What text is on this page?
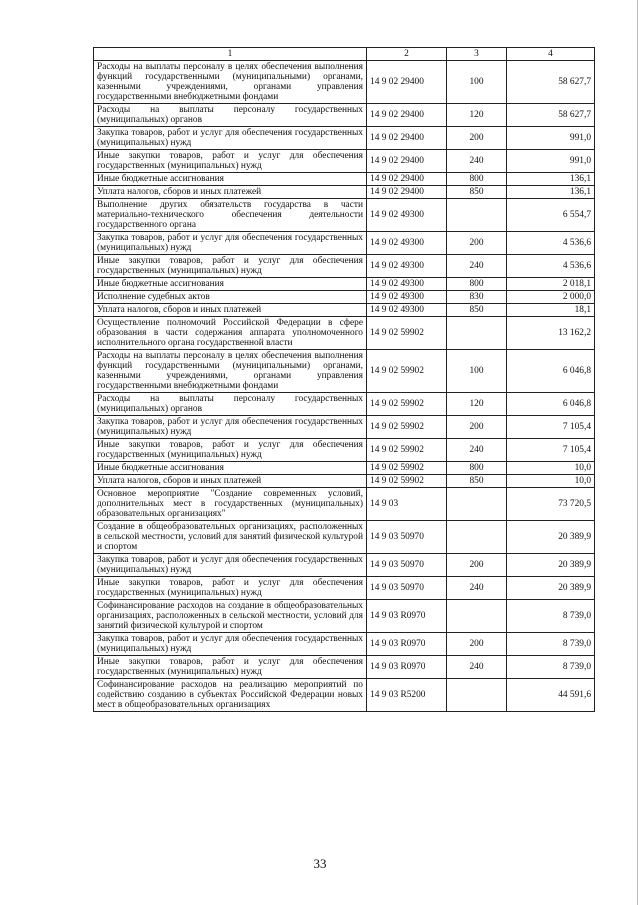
1	2	3	4
Расходы на выплаты персоналу в целях обеспечения выполнения функций государственными (муниципальными) органами, казенными учреждениями, органами управления государственными внебюджетными фондами	14 9 02 29400	100	58 627,7
Расходы на выплаты персоналу государственных (муниципальных) органов	14 9 02 29400	120	58 627,7
Закупка товаров, работ и услуг для обеспечения государственных (муниципальных) нужд	14 9 02 29400	200	991,0
Иные закупки товаров, работ и услуг для обеспечения государственных (муниципальных) нужд	14 9 02 29400	240	991,0
Иные бюджетные ассигнования	14 9 02 29400	800	136,1
Уплата налогов, сборов и иных платежей	14 9 02 29400	850	136,1
Выполнение других обязательств государства в части материально-технического обеспечения деятельности государственного органа	14 9 02 49300		6 554,7
Закупка товаров, работ и услуг для обеспечения государственных (муниципальных) нужд	14 9 02 49300	200	4 536,6
Иные закупки товаров, работ и услуг для обеспечения государственных (муниципальных) нужд	14 9 02 49300	240	4 536,6
Иные бюджетные ассигнования	14 9 02 49300	800	2 018,1
Исполнение судебных актов	14 9 02 49300	830	2 000,0
Уплата налогов, сборов и иных платежей	14 9 02 49300	850	18,1
Осуществление полномочий Российской Федерации в сфере образования в части содержания аппарата уполномоченного исполнительного органа государственной власти	14 9 02 59902		13 162,2
Расходы на выплаты персоналу в целях обеспечения выполнения функций государственными (муниципальными) органами, казенными учреждениями, органами управления государственными внебюджетными фондами	14 9 02 59902	100	6 046,8
Расходы на выплаты персоналу государственных (муниципальных) органов	14 9 02 59902	120	6 046,8
Закупка товаров, работ и услуг для обеспечения государственных (муниципальных) нужд	14 9 02 59902	200	7 105,4
Иные закупки товаров, работ и услуг для обеспечения государственных (муниципальных) нужд	14 9 02 59902	240	7 105,4
Иные бюджетные ассигнования	14 9 02 59902	800	10,0
Уплата налогов, сборов и иных платежей	14 9 02 59902	850	10,0
Основное мероприятие "Создание современных условий, дополнительных мест в государственных (муниципальных) образовательных организациях"	14 9 03		73 720,5
Создание в общеобразовательных организациях, расположенных в сельской местности, условий для занятий физической культурой и спортом	14 9 03 50970		20 389,9
Закупка товаров, работ и услуг для обеспечения государственных (муниципальных) нужд	14 9 03 50970	200	20 389,9
Иные закупки товаров, работ и услуг для обеспечения государственных (муниципальных) нужд	14 9 03 50970	240	20 389,9
Софинансирование расходов на создание в общеобразовательных организациях, расположенных в сельской местности, условий для занятий физической культурой и спортом	14 9 03 R0970		8 739,0
Закупка товаров, работ и услуг для обеспечения государственных (муниципальных) нужд	14 9 03 R0970	200	8 739,0
Иные закупки товаров, работ и услуг для обеспечения государственных (муниципальных) нужд	14 9 03 R0970	240	8 739,0
Софинансирование расходов на реализацию мероприятий по содействию созданию в субъектах Российской Федерации новых мест в общеобразовательных организациях	14 9 03 R5200		44 591,6
33
